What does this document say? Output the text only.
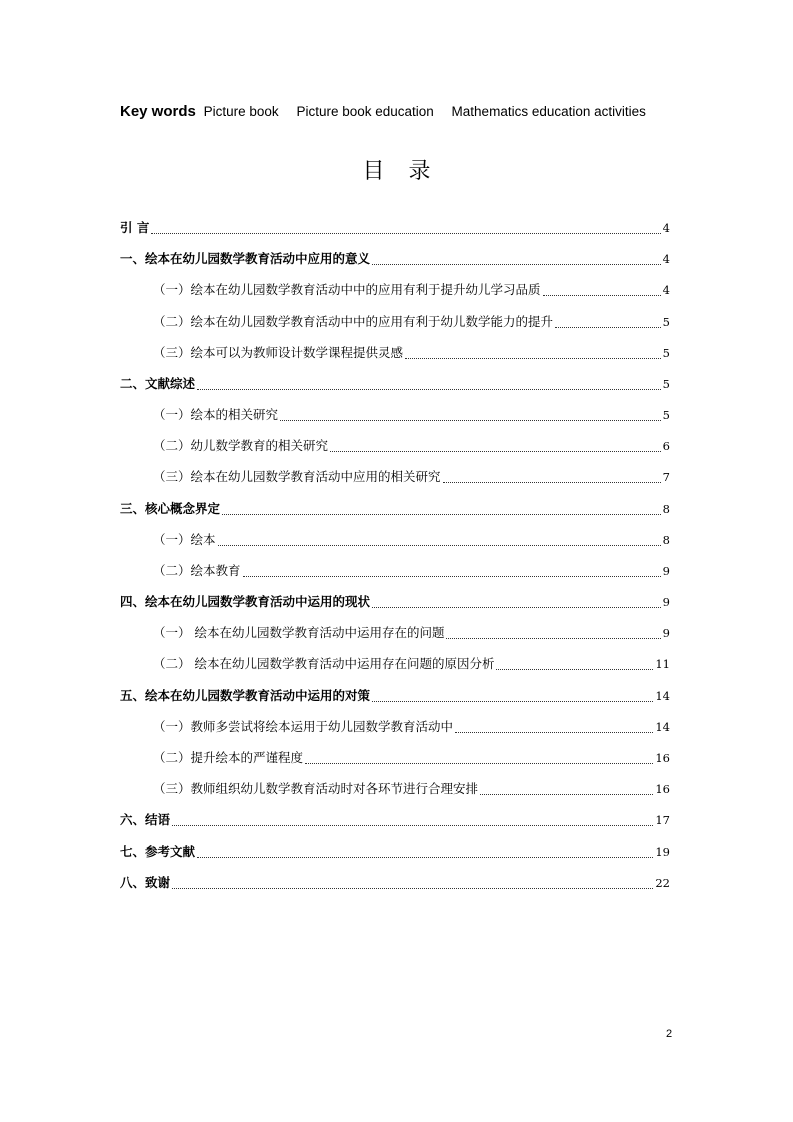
Key words Picture book Picture book education Mathematics education activities
目录
引 言	4
一、绘本在幼儿园数学教育活动中应用的意义	4
（一）绘本在幼儿园数学教育活动中中的应用有利于提升幼儿学习品质	4
（二）绘本在幼儿园数学教育活动中中的应用有利于幼儿数学能力的提升	5
（三）绘本可以为教师设计数学课程提供灵感	5
二、文献综述	5
（一）绘本的相关研究	5
（二）幼儿数学教育的相关研究	6
（三）绘本在幼儿园数学教育活动中应用的相关研究	7
三、核心概念界定	8
（一）绘本	8
（二）绘本教育	9
四、绘本在幼儿园数学教育活动中运用的现状	9
（一） 绘本在幼儿园数学教育活动中运用存在的问题	9
（二） 绘本在幼儿园数学教育活动中运用存在问题的原因分析	11
五、绘本在幼儿园数学教育活动中运用的对策	14
（一）教师多尝试将绘本运用于幼儿园数学教育活动中	14
（二）提升绘本的严谨程度	16
（三）教师组织幼儿数学教育活动时对各环节进行合理安排	16
六、结语	17
七、参考文献	19
八、致谢	22
2
